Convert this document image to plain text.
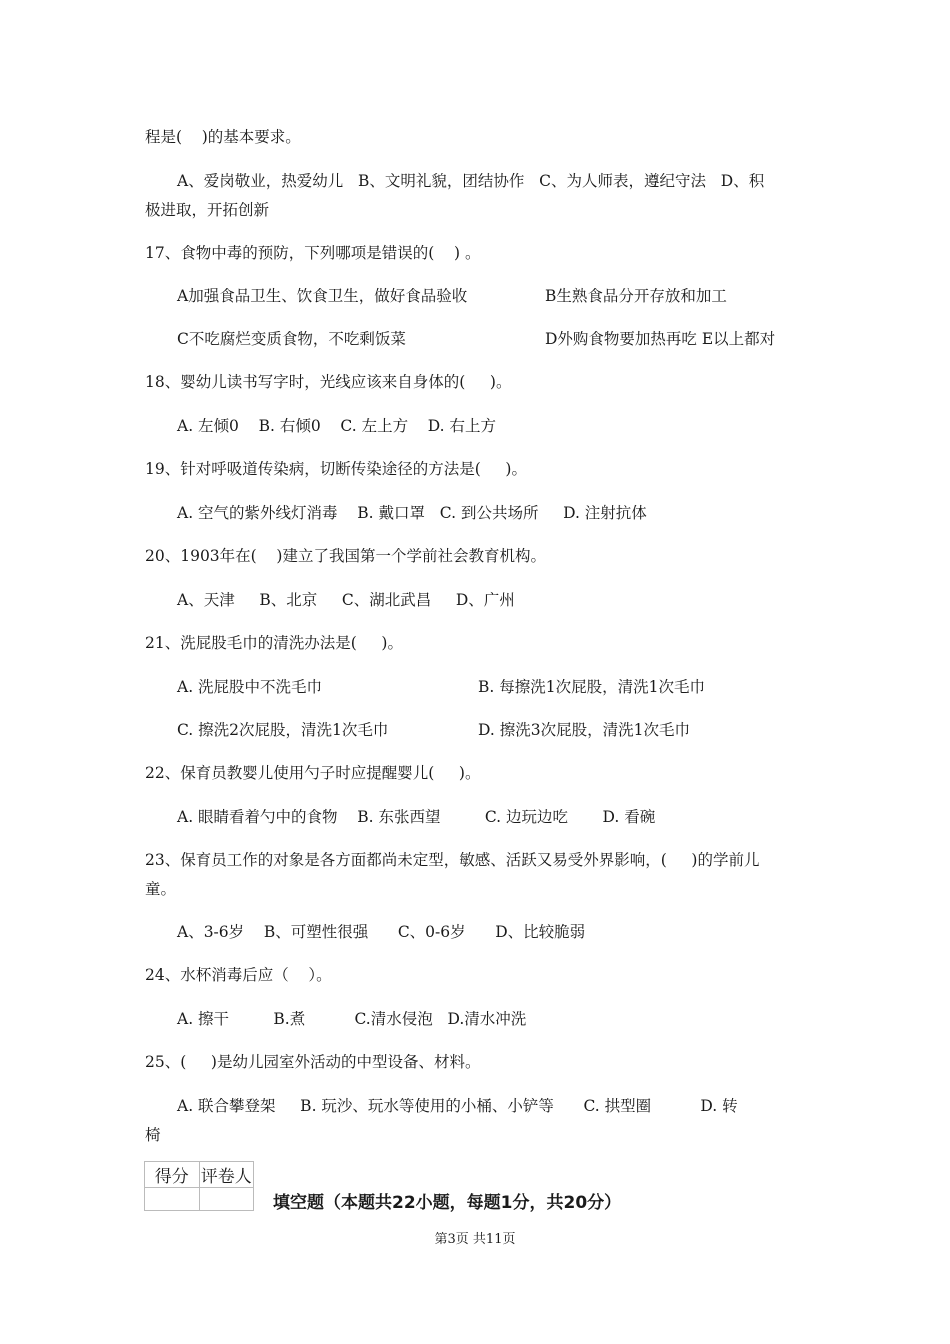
程是(    )的基本要求。
A、爱岗敬业，热爱幼儿   B、文明礼貌，团结协作   C、为人师表，遵纪守法   D、积
极进取，开拓创新
17、食物中毒的预防，下列哪项是错误的(    ) 。
A加强食品卫生、饮食卫生，做好食品验收	B生熟食品分开存放和加工
C不吃腐烂变质食物，不吃剩饭菜	D外购食物要加热再吃 E以上都对
18、婴幼儿读书写字时，光线应该来自身体的(     )。
A. 左倾0    B. 右倾0    C. 左上方    D. 右上方
19、针对呼吸道传染病，切断传染途径的方法是(     )。
A. 空气的紫外线灯消毒    B. 戴口罩   C. 到公共场所     D. 注射抗体
20、1903年在(    )建立了我国第一个学前社会教育机构。
A、天津     B、北京     C、湖北武昌     D、广州
21、洗屁股毛巾的清洗办法是(     )。
A. 洗屁股中不洗毛巾	B. 每擦洗1次屁股，清洗1次毛巾
C. 擦洗2次屁股，清洗1次毛巾	D. 擦洗3次屁股，清洗1次毛巾
22、保育员教婴儿使用勺子时应提醒婴儿(     )。
A. 眼睛看着勺中的食物    B. 东张西望         C. 边玩边吃       D. 看碗
23、保育员工作的对象是各方面都尚未定型，敏感、活跃又易受外界影响，(     )的学前儿
童。
A、3-6岁    B、可塑性很强      C、0-6岁      D、比较脆弱
24、水杯消毒后应（    ）。
A. 擦干         B.煮          C.清水侵泡   D.清水冲洗
25、(     )是幼儿园室外活动的中型设备、材料。
A. 联合攀登架     B. 玩沙、玩水等使用的小桶、小铲等      C. 拱型圈          D. 转
椅
得分	评卷人

填空题（本题共22小题，每题1分，共20分）
第3页 共11页
